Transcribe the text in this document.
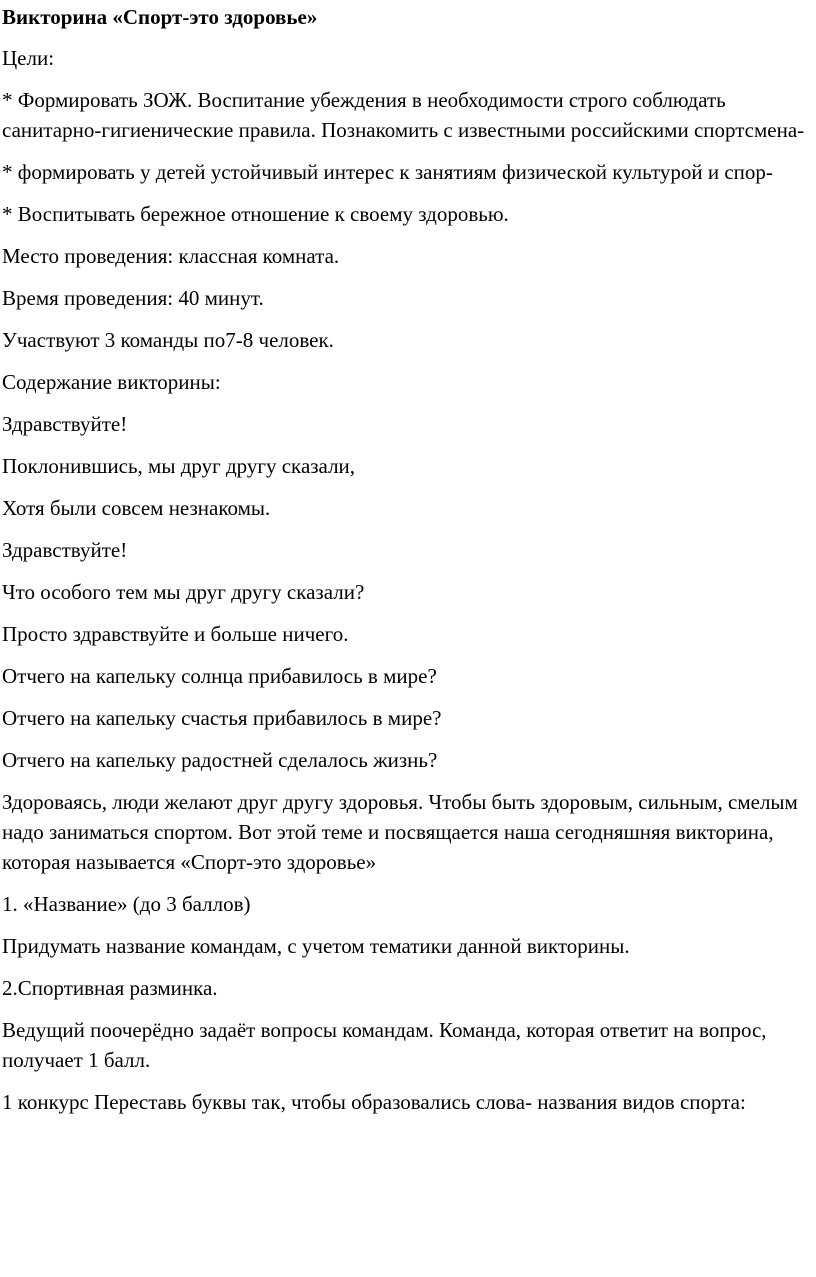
Викторина «Спорт-это здоровье»
Цели:
* Формировать ЗОЖ. Воспитание убеждения в необходимости строго соблюдать санитарно-гигиенические правила. Познакомить с известными российскими спортсмена-
* формировать у детей устойчивый интерес к занятиям физической культурой и спор-
* Воспитывать бережное отношение к своему здоровью.
Место проведения: классная комната.
Время проведения: 40 минут.
Участвуют 3 команды по7-8 человек.
Содержание викторины:
Здравствуйте!
Поклонившись, мы друг другу сказали,
Хотя были совсем незнакомы.
Здравствуйте!
Что особого тем мы друг другу сказали?
Просто здравствуйте и больше ничего.
Отчего на капельку солнца прибавилось в мире?
Отчего на капельку счастья прибавилось в мире?
Отчего на капельку радостней сделалось жизнь?
Здороваясь, люди желают друг другу здоровья. Чтобы быть здоровым, сильным, смелым надо заниматься спортом. Вот этой теме и посвящается наша сегодняшняя викторина, которая называется «Спорт-это здоровье»
1. «Название» (до 3 баллов)
Придумать название командам, с учетом тематики данной викторины.
2.Спортивная разминка.
Ведущий поочерёдно задаёт вопросы командам. Команда, которая ответит на вопрос, получает 1 балл.
1 конкурс Переставь буквы так, чтобы образовались слова- названия видов спорта:
